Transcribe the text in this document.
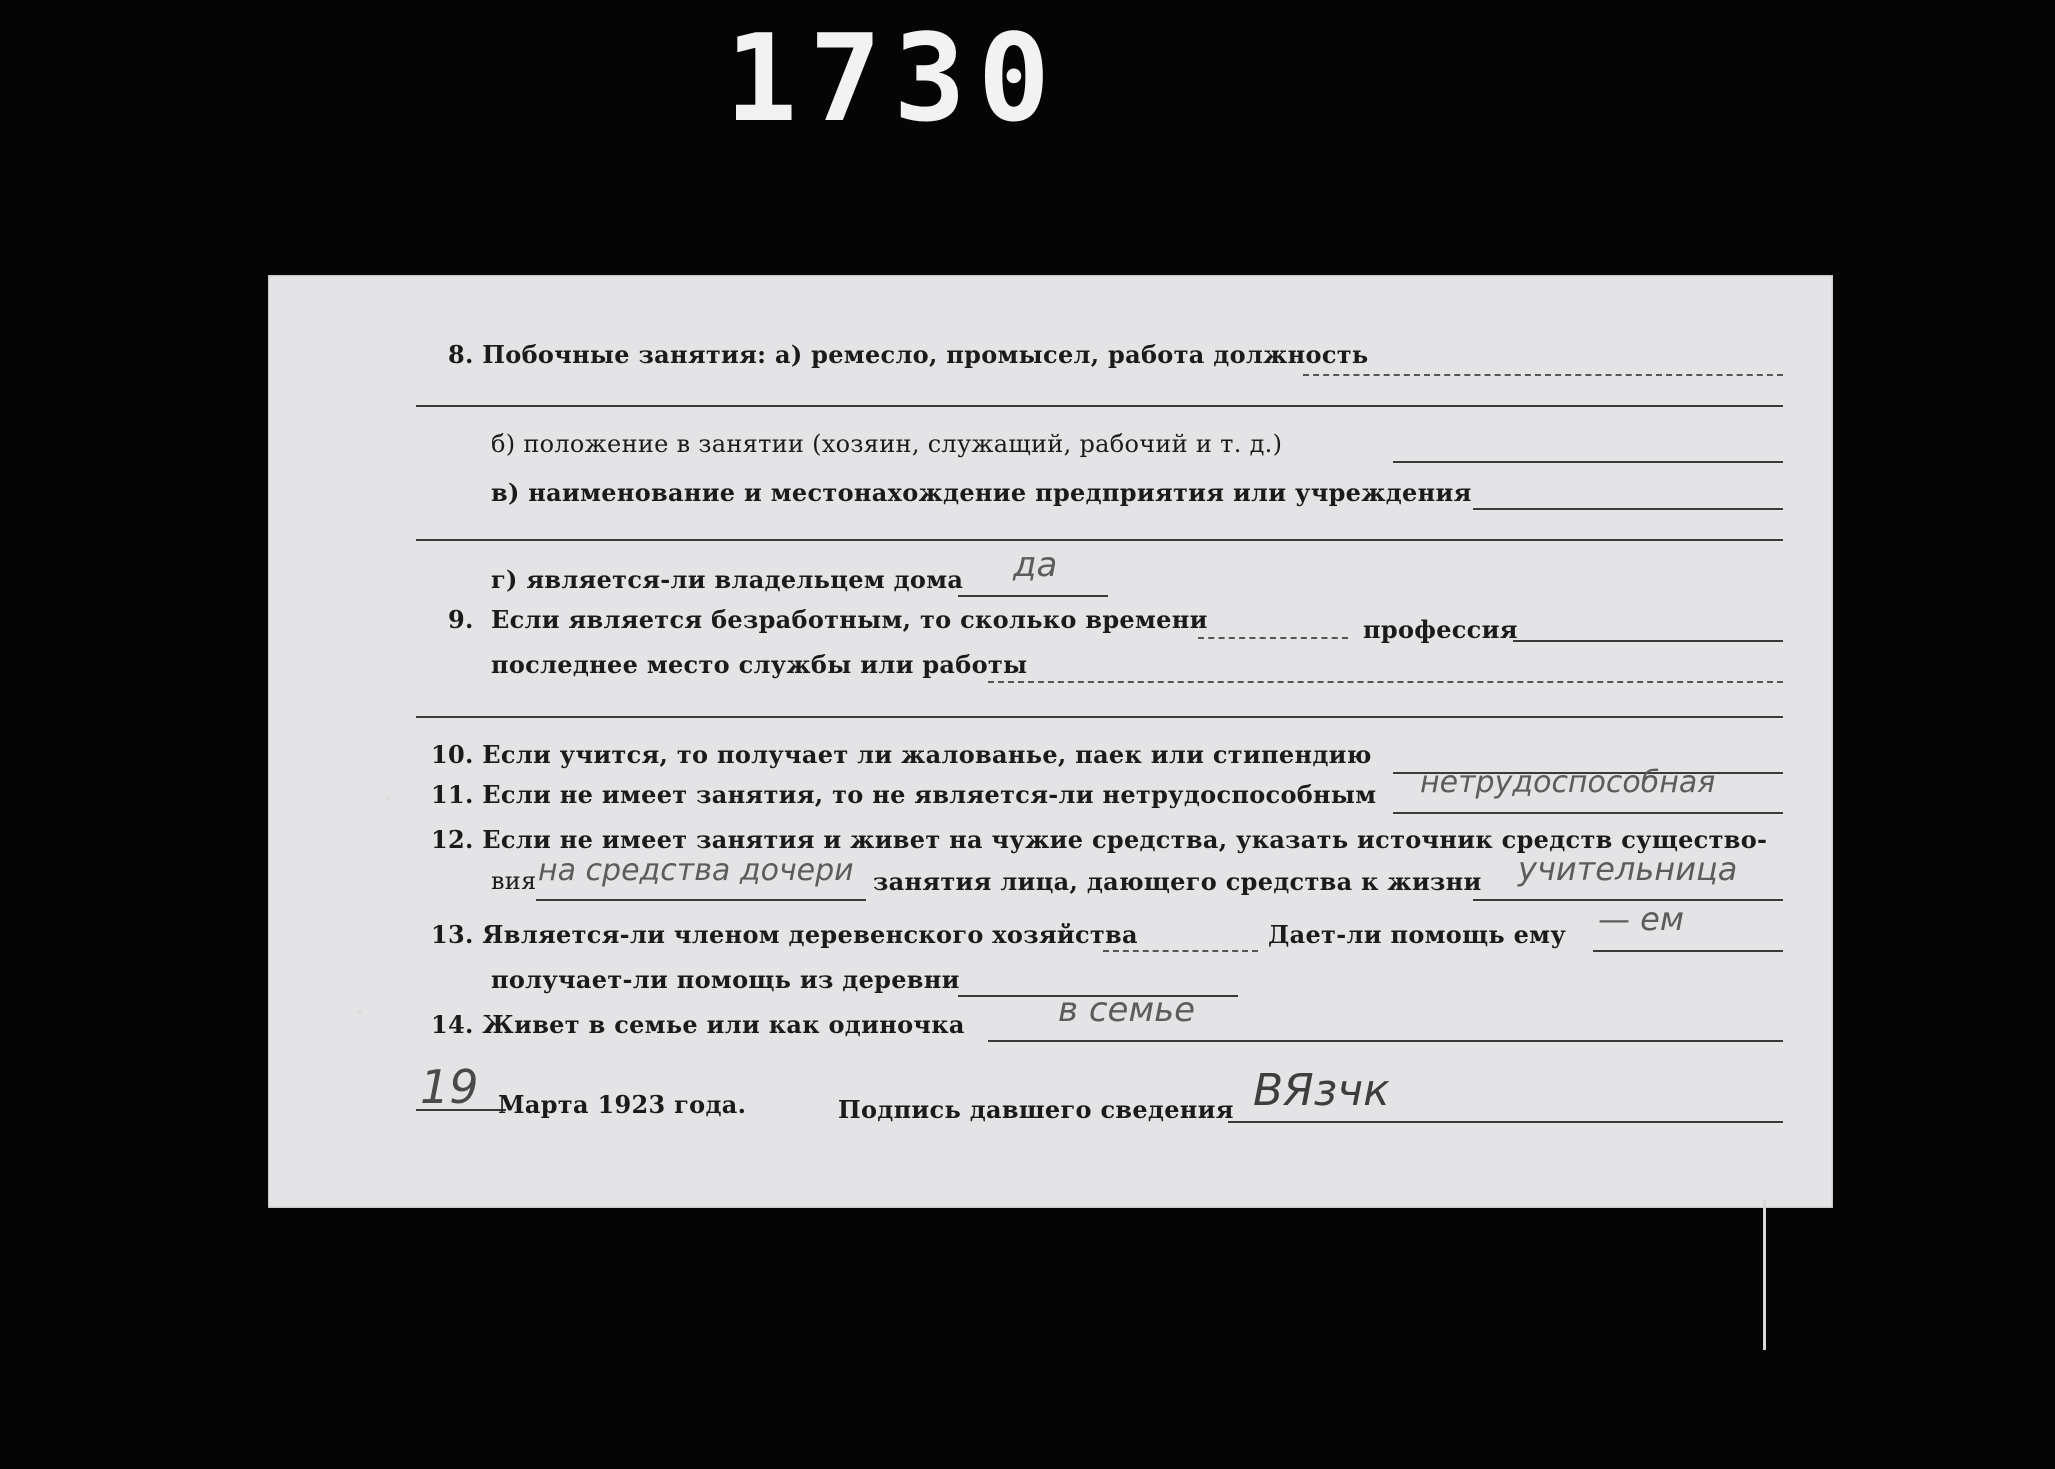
1730
8. Побочные занятия: а) ремесло, промысел, работа должность
б) положение в занятии (хозяин, служащий, рабочий и т. д.)
в) наименование и местонахождение предприятия или учреждения
г) является-ли владельцем дома да
9. Если является безработным, то сколько времени	профессия
последнее место службы или работы
10. Если учится, то получает ли жалованье, паек или стипендию
11. Если не имеет занятия, то не является-ли нетрудоспособным нетрудоспособная
12. Если не имеет занятия и живет на чужие средства, указать источник средств существо-
вия на средства дочери занятия лица, дающего средства к жизни учительница
13. Является-ли членом деревенского хозяйства	Дает-ли помощь ему — ем
получает-ли помощь из деревни
14. Живет в семье или как одиночка	в семье
19 Марта 1923 года.	Подпись давшего сведения ВЯзчк
